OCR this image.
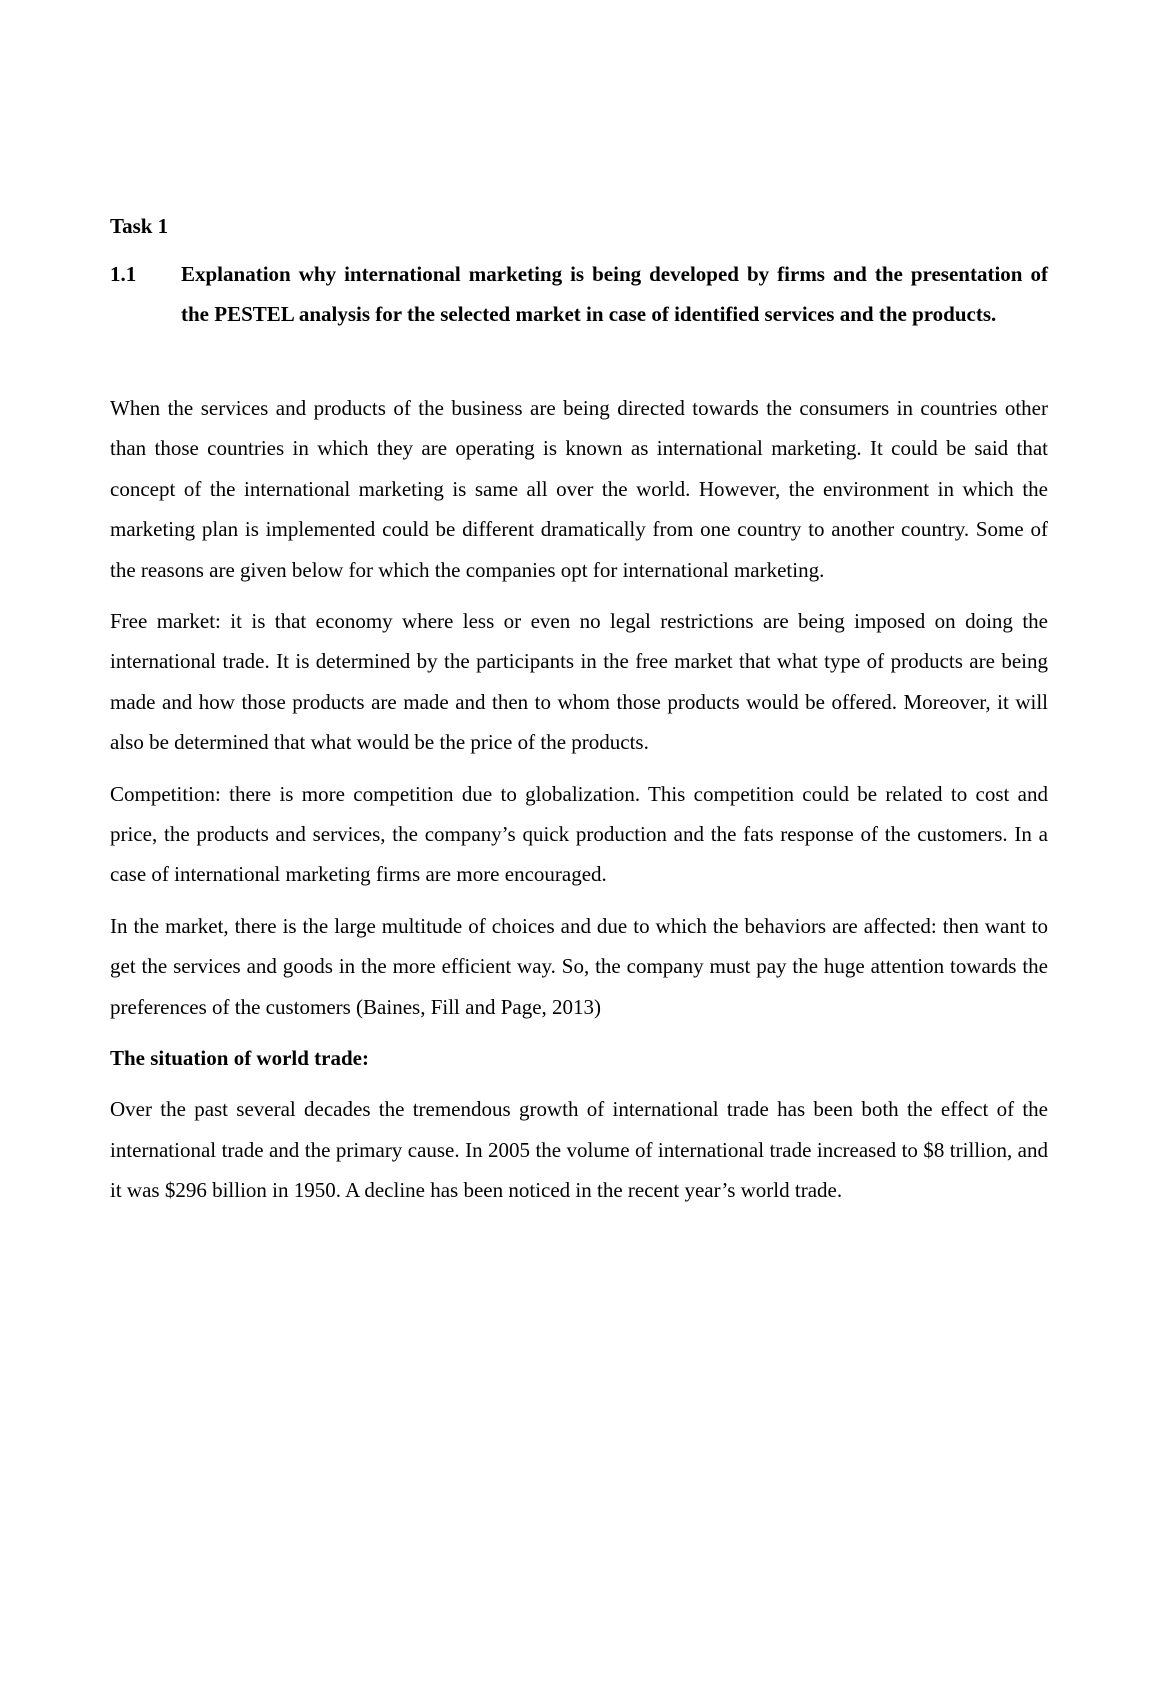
Task 1
1.1	Explanation why international marketing is being developed by firms and the presentation of the PESTEL analysis for the selected market in case of identified services and the products.

When the services and products of the business are being directed towards the consumers in countries other than those countries in which they are operating is known as international marketing. It could be said that concept of the international marketing is same all over the world. However, the environment in which the marketing plan is implemented could be different dramatically from one country to another country. Some of the reasons are given below for which the companies opt for international marketing.

Free market: it is that economy where less or even no legal restrictions are being imposed on doing the international trade. It is determined by the participants in the free market that what type of products are being made and how those products are made and then to whom those products would be offered. Moreover, it will also be determined that what would be the price of the products.

Competition: there is more competition due to globalization. This competition could be related to cost and price, the products and services, the company’s quick production and the fats response of the customers. In a case of international marketing firms are more encouraged.

In the market, there is the large multitude of choices and due to which the behaviors are affected: then want to get the services and goods in the more efficient way. So, the company must pay the huge attention towards the preferences of the customers (Baines, Fill and Page, 2013)

The situation of world trade:

Over the past several decades the tremendous growth of international trade has been both the effect of the international trade and the primary cause. In 2005 the volume of international trade increased to $8 trillion, and it was $296 billion in 1950. A decline has been noticed in the recent year’s world trade.
